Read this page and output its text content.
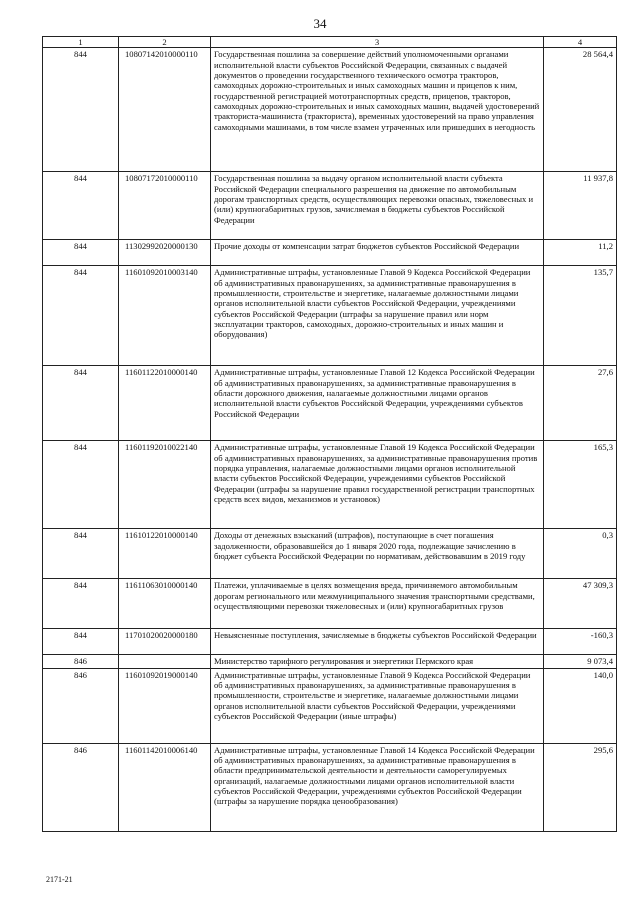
34
1	2	3	4
844	10807142010000110	Государственная пошлина за совершение действий уполномоченными органами исполнительной власти субъектов Российской Федерации, связанных с выдачей документов о проведении государственного технического осмотра тракторов, самоходных дорожно-строительных и иных самоходных машин и прицепов к ним, государственной регистрацией мототранспортных средств, прицепов, тракторов, самоходных дорожно-строительных и иных самоходных машин, выдачей удостоверений тракториста-машиниста (тракториста), временных удостоверений на право управления самоходными машинами, в том числе взамен утраченных или пришедших в негодность	28 564,4
844	10807172010000110	Государственная пошлина за выдачу органом исполнительной власти субъекта Российской Федерации специального разрешения на движение по автомобильным дорогам транспортных средств, осуществляющих перевозки опасных, тяжеловесных и (или) крупногабаритных грузов, зачисляемая в бюджеты субъектов Российской Федерации	11 937,8
844	11302992020000130	Прочие доходы от компенсации затрат бюджетов субъектов Российской Федерации	11,2
844	11601092010003140	Административные штрафы, установленные Главой 9 Кодекса Российской Федерации об административных правонарушениях, за административные правонарушения в промышленности, строительстве и энергетике, налагаемые должностными лицами органов исполнительной власти субъектов Российской Федерации, учреждениями субъектов Российской Федерации (штрафы за нарушение правил или норм эксплуатации тракторов, самоходных, дорожно-строительных и иных машин и оборудования)	135,7
844	11601122010000140	Административные штрафы, установленные Главой 12 Кодекса Российской Федерации об административных правонарушениях, за административные правонарушения в области дорожного движения, налагаемые должностными лицами органов исполнительной власти субъектов Российской Федерации, учреждениями субъектов Российской Федерации	27,6
844	11601192010022140	Административные штрафы, установленные Главой 19 Кодекса Российской Федерации об административных правонарушениях, за административные правонарушения против порядка управления, налагаемые должностными лицами органов исполнительной власти субъектов Российской Федерации, учреждениями субъектов Российской Федерации (штрафы за нарушение правил государственной регистрации транспортных средств всех видов, механизмов и установок)	165,3
844	11610122010000140	Доходы от денежных взысканий (штрафов), поступающие в счет погашения задолженности, образовавшейся до 1 января 2020 года, подлежащие зачислению в бюджет субъекта Российской Федерации по нормативам, действовавшим в 2019 году	0,3
844	11611063010000140	Платежи, уплачиваемые в целях возмещения вреда, причиняемого автомобильным дорогам регионального или межмуниципального значения транспортными средствами, осуществляющими перевозки тяжеловесных и (или) крупногабаритных грузов	47 309,3
844	11701020020000180	Невыясненные поступления, зачисляемые в бюджеты субъектов Российской Федерации	-160,3
846		Министерство тарифного регулирования и энергетики Пермского края	9 073,4
846	11601092019000140	Административные штрафы, установленные Главой 9 Кодекса Российской Федерации об административных правонарушениях, за административные правонарушения в промышленности, строительстве и энергетике, налагаемые должностными лицами органов исполнительной власти субъектов Российской Федерации, учреждениями субъектов Российской Федерации (иные штрафы)	140,0
846	11601142010006140	Административные штрафы, установленные Главой 14 Кодекса Российской Федерации об административных правонарушениях, за административные правонарушения в области предпринимательской деятельности и деятельности саморегулируемых организаций, налагаемые должностными лицами органов исполнительной власти субъектов Российской Федерации, учреждениями субъектов Российской Федерации (штрафы за нарушение порядка ценообразования)	295,6
2171-21
